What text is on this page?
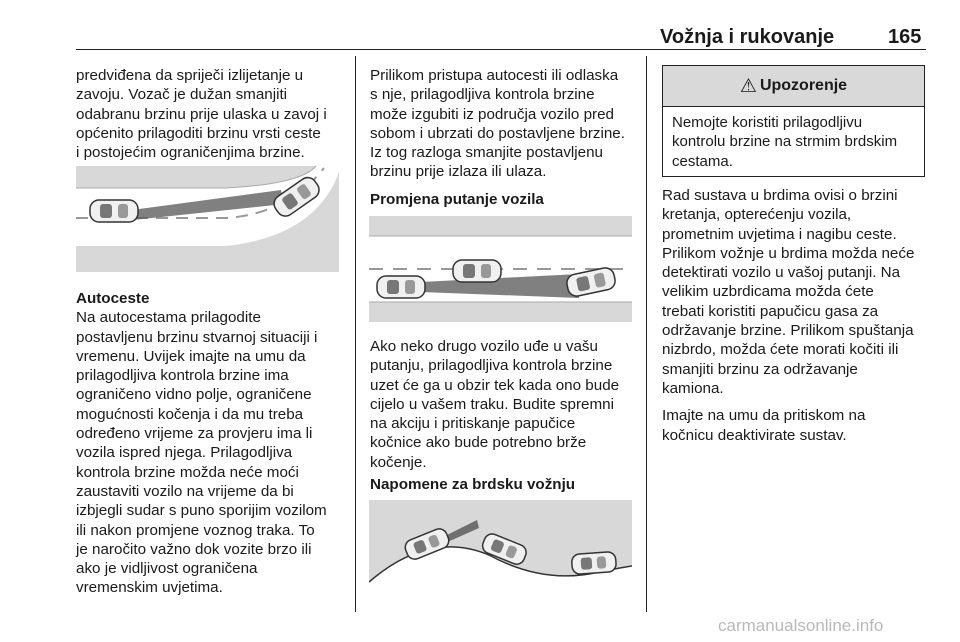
Vožnja i rukovanje	165

predviđena da spriječi izlijetanje u

zavoju. Vozač je dužan smanjiti

odabranu brzinu prije ulaska u zavoj i

općenito prilagoditi brzinu vrsti ceste

i postojećim ograničenjima brzine.

Autoceste

Na autocestama prilagodite

postavljenu brzinu stvarnoj situaciji i

vremenu. Uvijek imajte na umu da

prilagodljiva kontrola brzine ima

ograničeno vidno polje, ograničene

mogućnosti kočenja i da mu treba

određeno vrijeme za provjeru ima li

vozila ispred njega. Prilagodljiva

kontrola brzine možda neće moći

zaustaviti vozilo na vrijeme da bi

izbjegli sudar s puno sporijim vozilom

ili nakon promjene voznog traka. To

je naročito važno dok vozite brzo ili

ako je vidljivost ograničena

vremenskim uvjetima.

Prilikom pristupa autocesti ili odlaska

s nje, prilagodljiva kontrola brzine

može izgubiti iz područja vozilo pred

sobom i ubrzati do postavljene brzine.

Iz tog razloga smanjite postavljenu

brzinu prije izlaza ili ulaza.

Promjena putanje vozila

Ako neko drugo vozilo uđe u vašu

putanju, prilagodljiva kontrola brzine

uzet će ga u obzir tek kada ono bude

cijelo u vašem traku. Budite spremni

na akciju i pritiskanje papučice

kočnice ako bude potrebno brže

kočenje.

Napomene za brdsku vožnju
⚠ Upozorenje
Nemojte koristiti prilagodljivu
kontrolu brzine na strmim brdskim
cestama.

Rad sustava u brdima ovisi o brzini

kretanja, opterećenju vozila,

prometnim uvjetima i nagibu ceste.

Prilikom vožnje u brdima možda neće

detektirati vozilo u vašoj putanji. Na

velikim uzbrdicama možda ćete

trebati koristiti papučicu gasa za

održavanje brzine. Prilikom spuštanja

nizbrdo, možda ćete morati kočiti ili

smanjiti brzinu za održavanje

kamiona.

Imajte na umu da pritiskom na

kočnicu deaktivirate sustav.

carmanualsonline.info
